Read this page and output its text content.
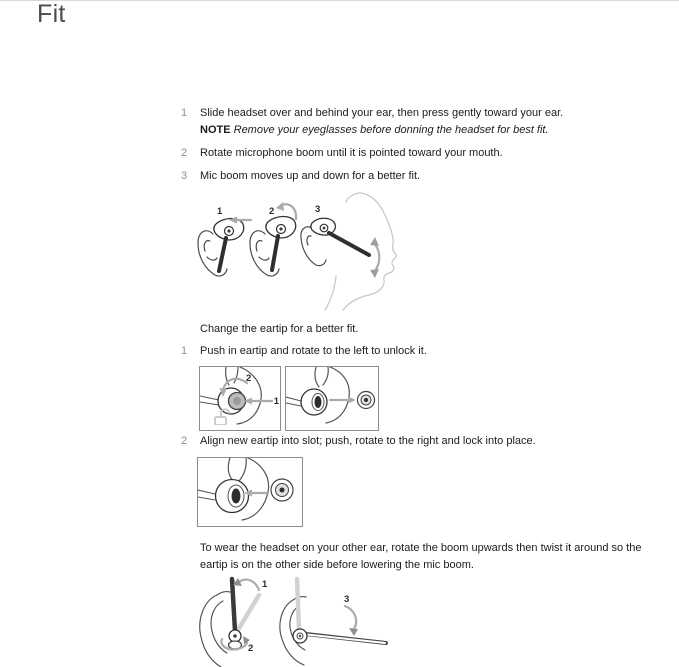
Fit
1	Slide headset over and behind your ear, then press gently toward your ear.
NOTE Remove your eyeglasses before donning the headset for best fit.
2	Rotate microphone boom until it is pointed toward your mouth.
3	Mic boom moves up and down for a better fit.
1	2	3
Change the eartip for a better fit.
1	Push in eartip and rotate to the left to unlock it.
1
2
2	Align new eartip into slot; push, rotate to the right and lock into place.
To wear the headset on your other ear, rotate the boom upwards then twist it around so the eartip is on the other side before lowering the mic boom.
1
2
3
